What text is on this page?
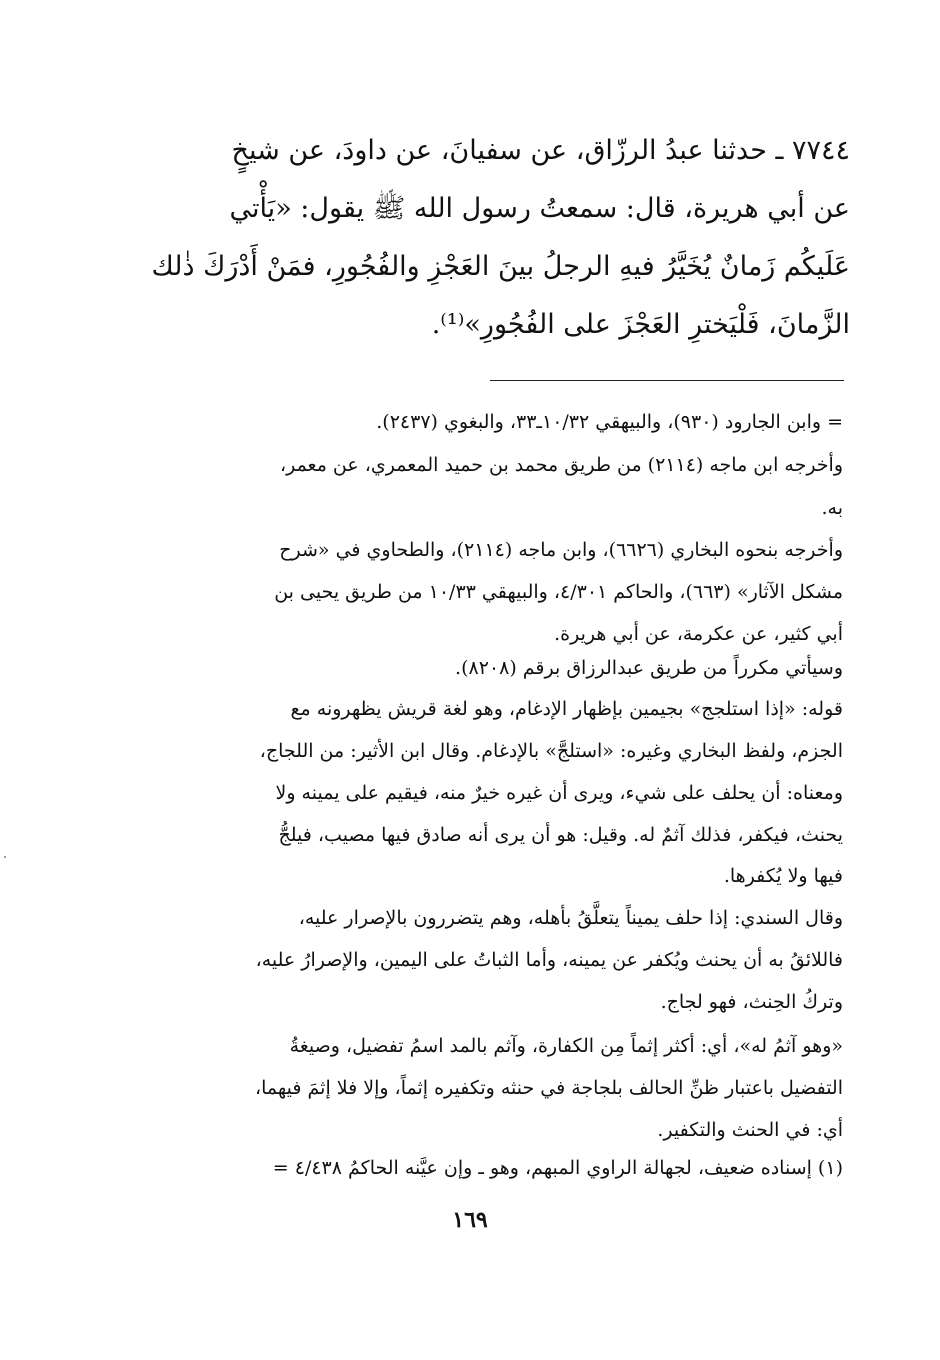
٧٧٤٤ ـ حدثنا عبدُ الرزّاق، عن سفيانَ، عن داودَ، عن شيخٍ
عن أبي هريرة، قال: سمعتُ رسول الله ﷺ يقول: «يَأْتي
عَلَيكُم زَمانٌ يُخَيَّرُ فيهِ الرجلُ بينَ العَجْزِ والفُجُورِ، فمَنْ أَدْرَكَ ذٰلك
الزَّمانَ، فَلْيَخترِ العَجْزَ على الفُجُورِ»⁽¹⁾.
= وابن الجارود (٩٣٠)، والبيهقي ١٠/٣٢ـ٣٣، والبغوي (٢٤٣٧).
وأخرجه ابن ماجه (٢١١٤) من طريق محمد بن حميد المعمري، عن معمر،
به.
وأخرجه بنحوه البخاري (٦٦٢٦)، وابن ماجه (٢١١٤)، والطحاوي في «شرح
مشكل الآثار» (٦٦٣)، والحاكم ٤/٣٠١، والبيهقي ١٠/٣٣ من طريق يحيى بن
أبي كثير، عن عكرمة، عن أبي هريرة.
وسيأتي مكرراً من طريق عبدالرزاق برقم (٨٢٠٨).
قوله: «إذا استلجج» بجيمين بإظهار الإدغام، وهو لغة قريش يظهرونه مع
الجزم، ولفظ البخاري وغيره: «استلجَّ» بالإدغام. وقال ابن الأثير: من اللجاج،
ومعناه: أن يحلف على شيء، ويرى أن غيره خيرٌ منه، فيقيم على يمينه ولا
يحنث، فيكفر، فذلك آثمٌ له. وقيل: هو أن يرى أنه صادق فيها مصيب، فيلجُّ
فيها ولا يُكفرها.
وقال السندي: إذا حلف يميناً يتعلَّقُ بأهله، وهم يتضررون بالإصرار عليه،
فاللائقُ به أن يحنث ويُكفر عن يمينه، وأما الثباتُ على اليمين، والإصرارُ عليه،
وتركُ الحِنث، فهو لجاج.
«وهو آثمُ له»، أي: أكثر إثماً مِن الكفارة، وآثم بالمد اسمُ تفضيل، وصيغةُ
التفضيل باعتبار ظنِّ الحالف بلجاجة في حنثه وتكفيره إثماً، وإلا فلا إثمَ فيهما،
أي: في الحنث والتكفير.
(١) إسناده ضعيف، لجهالة الراوي المبهم، وهو ـ وإن عيَّنه الحاكمُ ٤/٤٣٨ =
١٦٩
